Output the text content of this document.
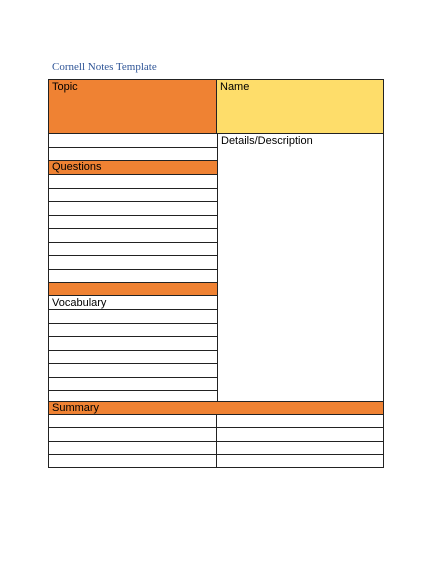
Cornell Notes Template
Topic	Name
Details/Description
Questions
Vocabulary
Summary
